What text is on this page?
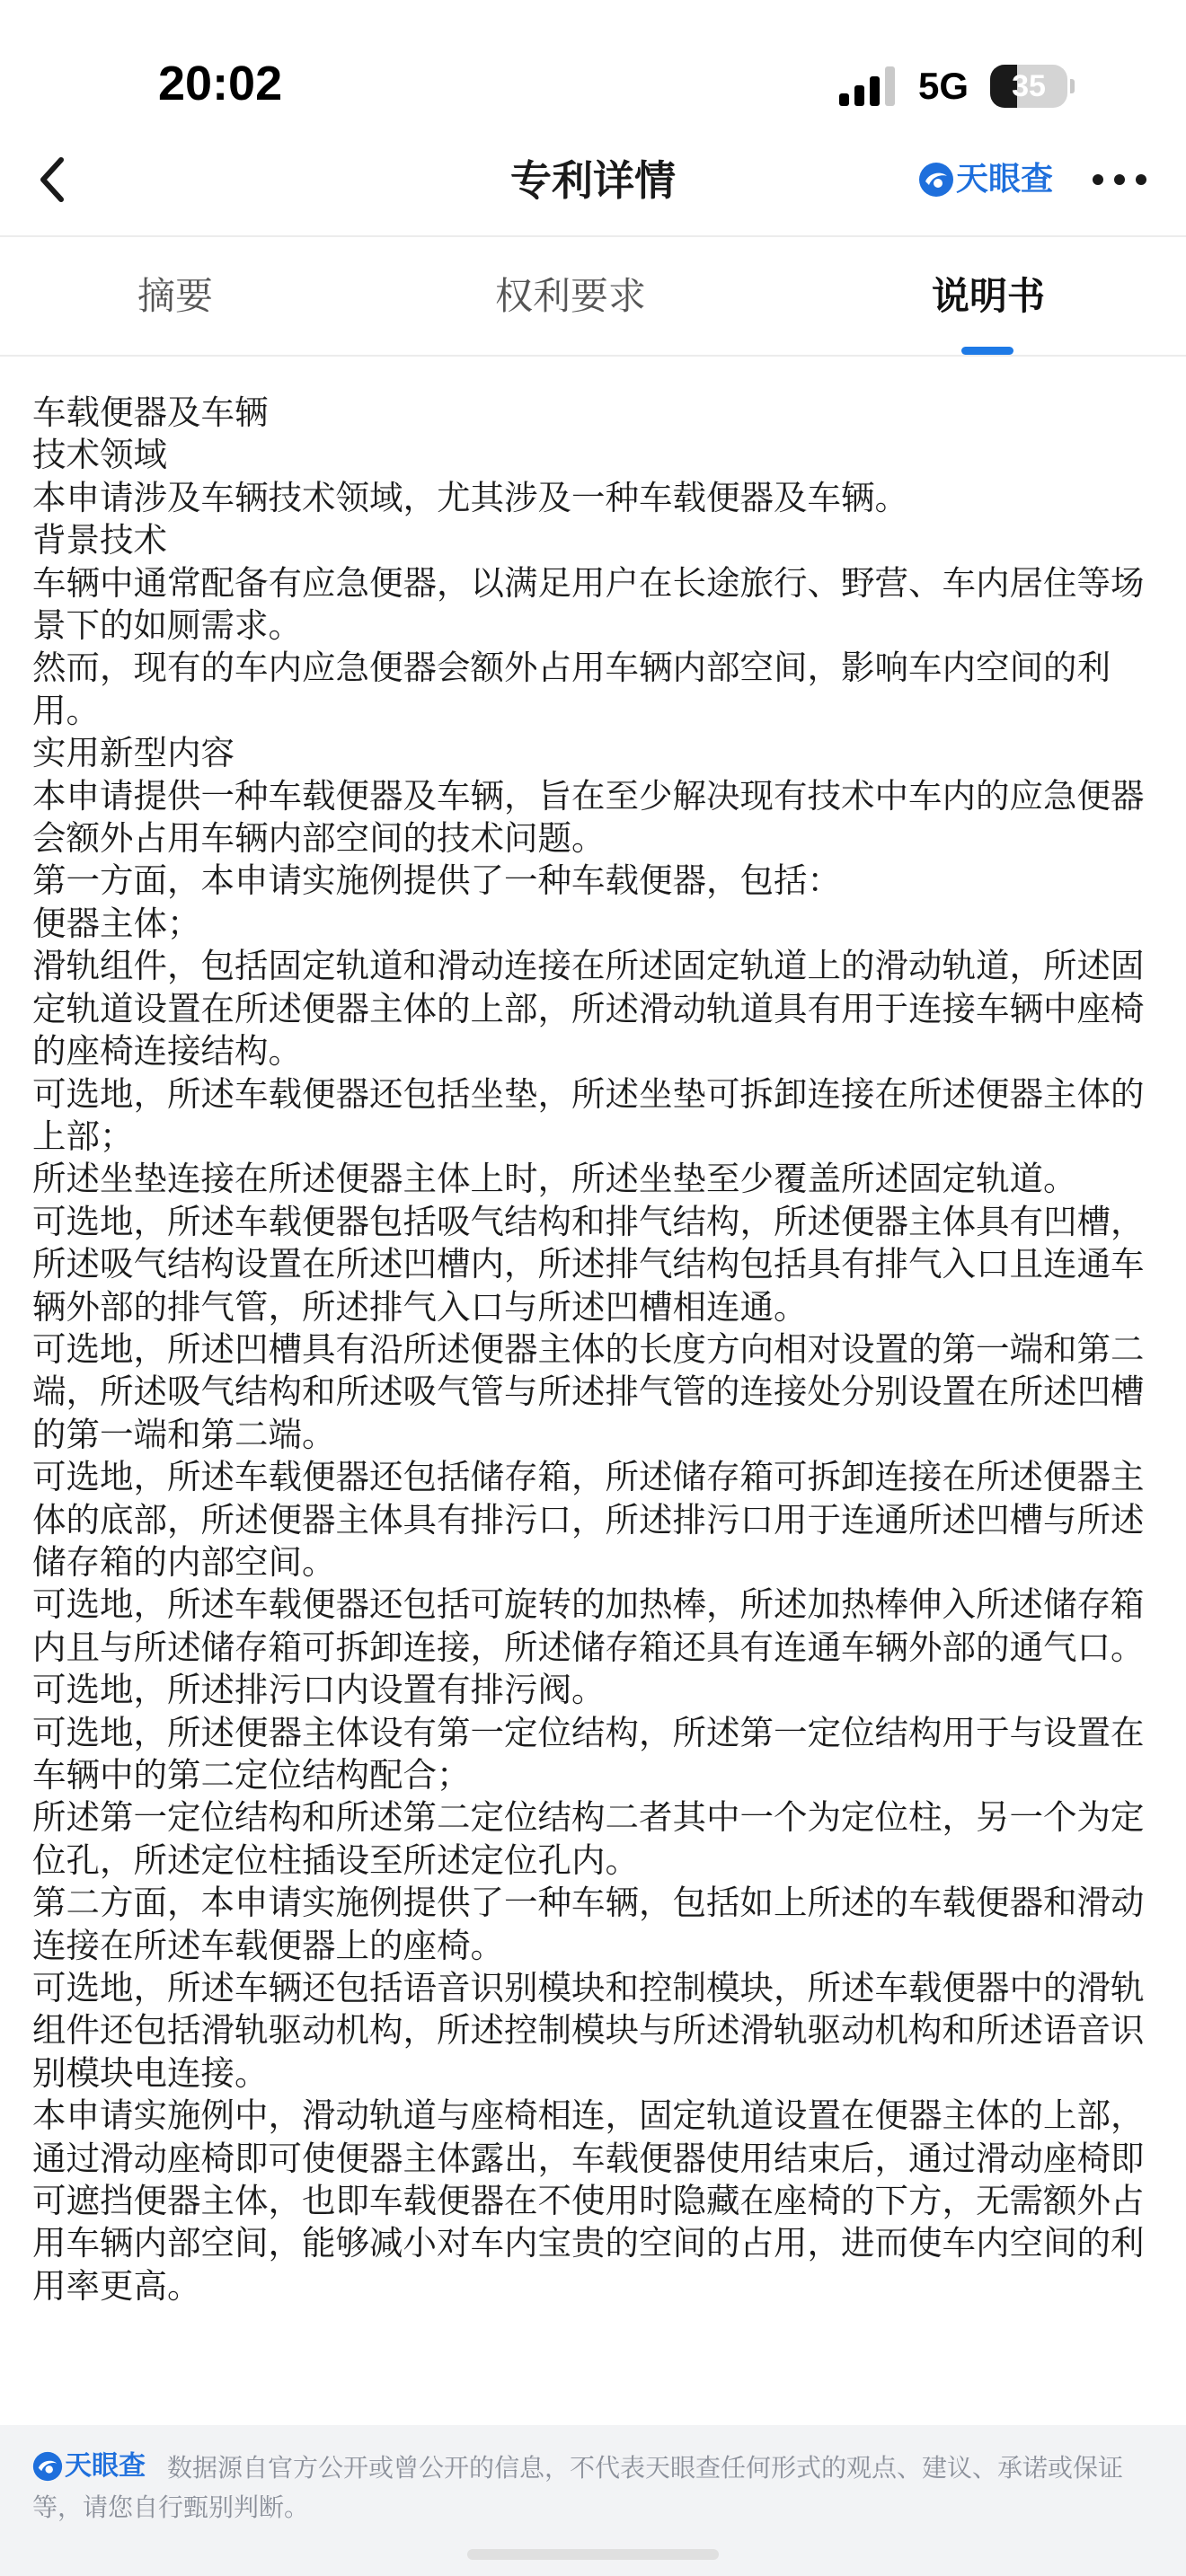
20:02	5G	35
专利详情	天眼查
摘要	权利要求	说明书

车载便器及车辆

技术领域

本申请涉及车辆技术领域，尤其涉及一种车载便器及车辆。

背景技术

车辆中通常配备有应急便器，以满足用户在长途旅行、野营、车内居住等场景下的如厕需求。

然而，现有的车内应急便器会额外占用车辆内部空间，影响车内空间的利用。

实用新型内容

本申请提供一种车载便器及车辆，旨在至少解决现有技术中车内的应急便器会额外占用车辆内部空间的技术问题。

第一方面，本申请实施例提供了一种车载便器，包括：

便器主体；

滑轨组件，包括固定轨道和滑动连接在所述固定轨道上的滑动轨道，所述固定轨道设置在所述便器主体的上部，所述滑动轨道具有用于连接车辆中座椅的座椅连接结构。

可选地，所述车载便器还包括坐垫，所述坐垫可拆卸连接在所述便器主体的上部；

所述坐垫连接在所述便器主体上时，所述坐垫至少覆盖所述固定轨道。

可选地，所述车载便器包括吸气结构和排气结构，所述便器主体具有凹槽，所述吸气结构设置在所述凹槽内，所述排气结构包括具有排气入口且连通车辆外部的排气管，所述排气入口与所述凹槽相连通。

可选地，所述凹槽具有沿所述便器主体的长度方向相对设置的第一端和第二端，所述吸气结构和所述吸气管与所述排气管的连接处分别设置在所述凹槽的第一端和第二端。

可选地，所述车载便器还包括储存箱，所述储存箱可拆卸连接在所述便器主体的底部，所述便器主体具有排污口，所述排污口用于连通所述凹槽与所述储存箱的内部空间。

可选地，所述车载便器还包括可旋转的加热棒，所述加热棒伸入所述储存箱内且与所述储存箱可拆卸连接，所述储存箱还具有连通车辆外部的通气口。

可选地，所述排污口内设置有排污阀。

可选地，所述便器主体设有第一定位结构，所述第一定位结构用于与设置在车辆中的第二定位结构配合；

所述第一定位结构和所述第二定位结构二者其中一个为定位柱，另一个为定位孔，所述定位柱插设至所述定位孔内。

第二方面，本申请实施例提供了一种车辆，包括如上所述的车载便器和滑动连接在所述车载便器上的座椅。

可选地，所述车辆还包括语音识别模块和控制模块，所述车载便器中的滑轨组件还包括滑轨驱动机构，所述控制模块与所述滑轨驱动机构和所述语音识别模块电连接。

本申请实施例中，滑动轨道与座椅相连，固定轨道设置在便器主体的上部，通过滑动座椅即可使便器主体露出，车载便器使用结束后，通过滑动座椅即可遮挡便器主体，也即车载便器在不使用时隐藏在座椅的下方，无需额外占用车辆内部空间，能够减小对车内宝贵的空间的占用，进而使车内空间的利用率更高。

数据源自官方公开或曾公开的信息，不代表天眼查任何形式的观点、建议、承诺或保证等，请您自行甄别判断。
天眼查
